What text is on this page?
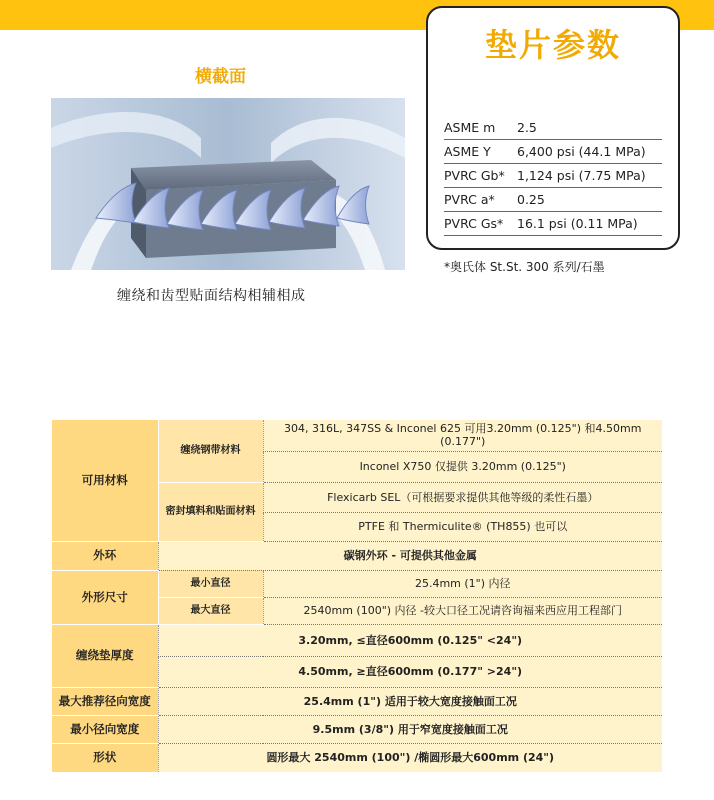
横截面
缠绕和齿型贴面结构相辅相成
垫片参数
ASME m	2.5
ASME Y	6,400 psi (44.1 MPa)
PVRC Gb*	1,124 psi (7.75 MPa)
PVRC a*	0.25
PVRC Gs*	16.1 psi (0.11 MPa)
*奥氏体 St.St. 300 系列/石墨
可用材料	缠绕钢带材料	304, 316L, 347SS & Inconel 625 可用3.20mm (0.125") 和4.50mm (0.177")
		Inconel X750 仅提供 3.20mm (0.125")
	密封填料和贴面材料	Flexicarb SEL（可根据要求提供其他等级的柔性石墨）
		PTFE 和 Thermiculite® (TH855) 也可以
外环	碳钢外环 - 可提供其他金属	
外形尺寸	最小直径	25.4mm (1") 内径
	最大直径	2540mm (100") 内径 -较大口径工况请咨询福来西应用工程部门
缠绕垫厚度	3.20mm, ≤直径600mm (0.125" <24")	
	4.50mm, ≥直径600mm (0.177" >24")	
最大推荐径向宽度	25.4mm (1") 适用于较大宽度接触面工况	
最小径向宽度	9.5mm (3/8") 用于窄宽度接触面工况	
形状	圆形最大 2540mm (100") /椭圆形最大600mm (24")	
